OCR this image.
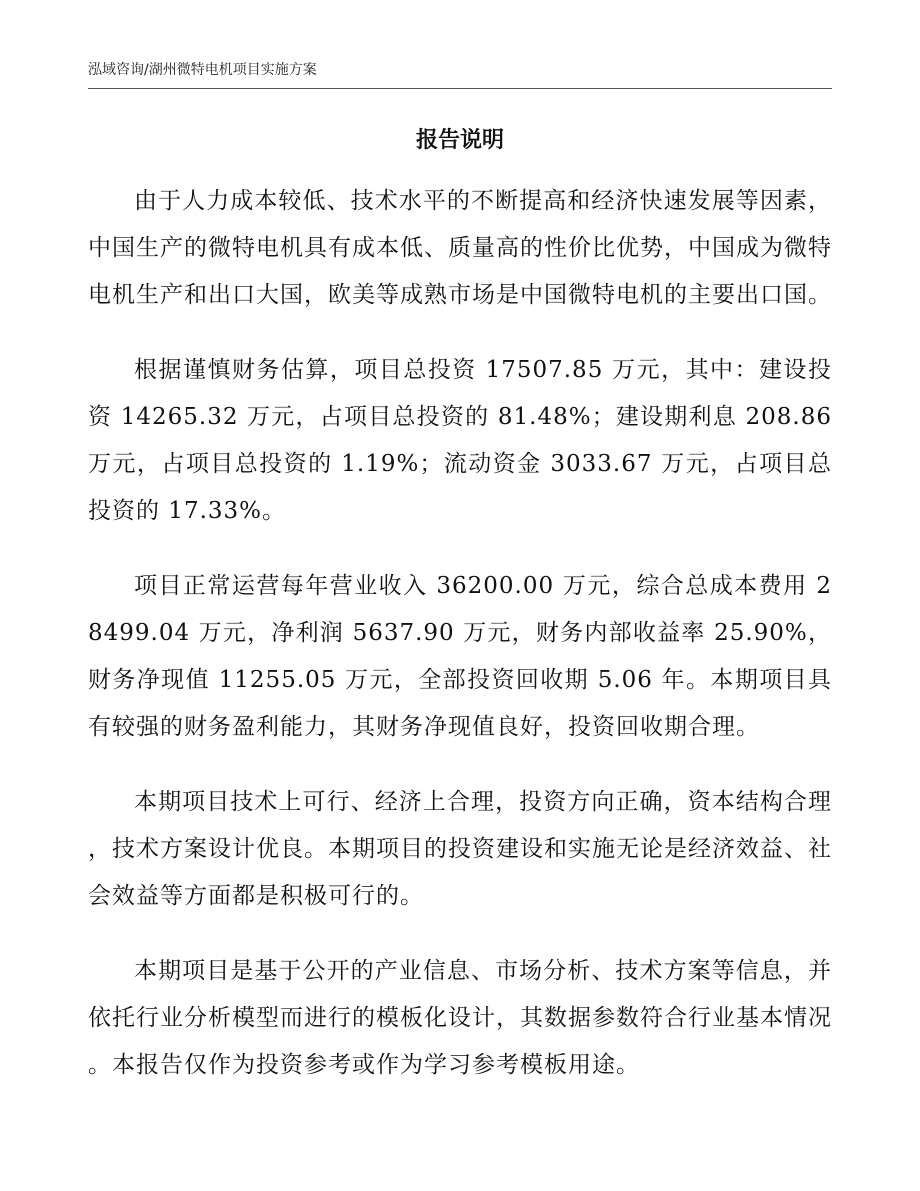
泓域咨询/湖州微特电机项目实施方案
报告说明

由于人力成本较低、技术水平的不断提高和经济快速发展等因素，中国生产的微特电机具有成本低、质量高的性价比优势，中国成为微特电机生产和出口大国，欧美等成熟市场是中国微特电机的主要出口国。

根据谨慎财务估算，项目总投资 17507.85 万元，其中：建设投资 14265.32 万元，占项目总投资的 81.48%；建设期利息 208.86 万元，占项目总投资的 1.19%；流动资金 3033.67 万元，占项目总投资的 17.33%。

项目正常运营每年营业收入 36200.00 万元，综合总成本费用 28499.04 万元，净利润 5637.90 万元，财务内部收益率 25.90%，财务净现值 11255.05 万元，全部投资回收期 5.06 年。本期项目具有较强的财务盈利能力，其财务净现值良好，投资回收期合理。

本期项目技术上可行、经济上合理，投资方向正确，资本结构合理，技术方案设计优良。本期项目的投资建设和实施无论是经济效益、社会效益等方面都是积极可行的。

本期项目是基于公开的产业信息、市场分析、技术方案等信息，并依托行业分析模型而进行的模板化设计，其数据参数符合行业基本情况。本报告仅作为投资参考或作为学习参考模板用途。
